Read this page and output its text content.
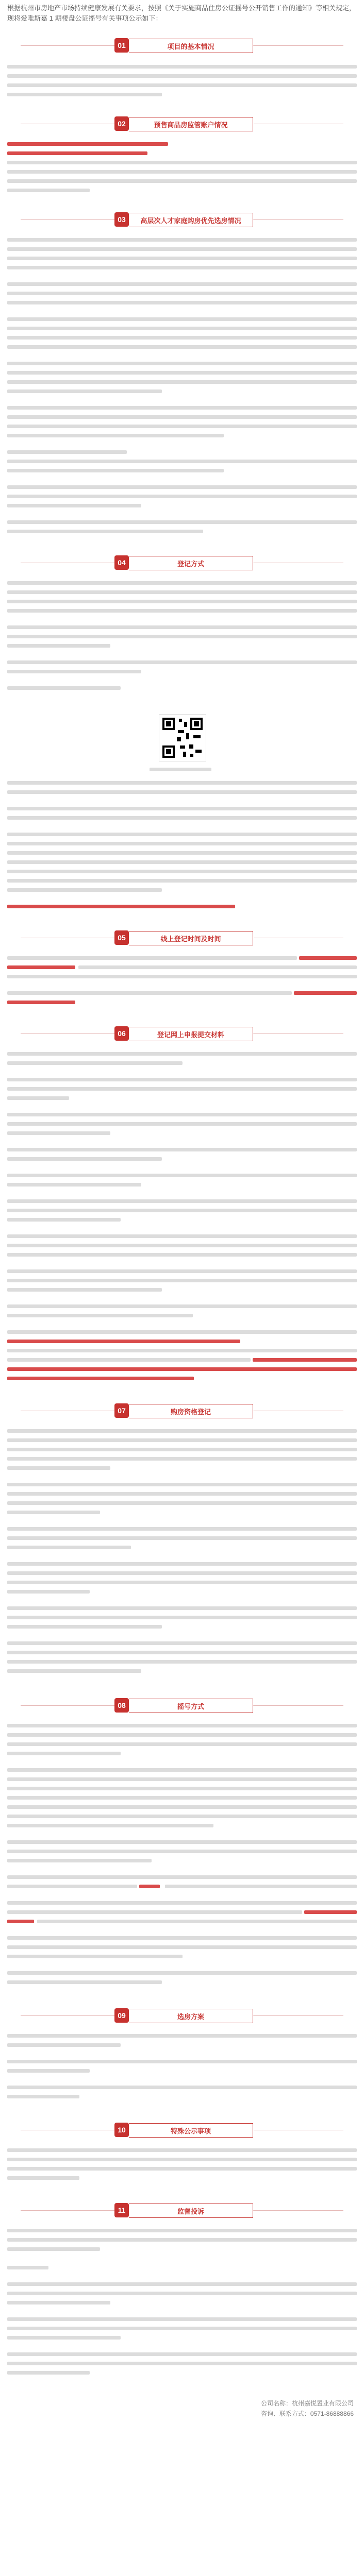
根据杭州市房地产市场持续健康发展有关要求，按照《关于实施商品住房公证摇号公开销售工作的通知》等相关规定，现将爱唯斯嘉 1 期楼盘公证摇号有关事项公示如下：
01	项目的基本情况
02	预售商品房监管账户情况
03	高层次人才家庭购房优先选房情况
04	登记方式
05	线上登记时间及时间
06	登记网上申报提交材料
07	购房资格登记
08	摇号方式
09	选房方案
10	特殊公示事项
11	监督投诉
公司名称：杭州嘉悦置业有限公司
咨询、联系方式：0571-86888866
